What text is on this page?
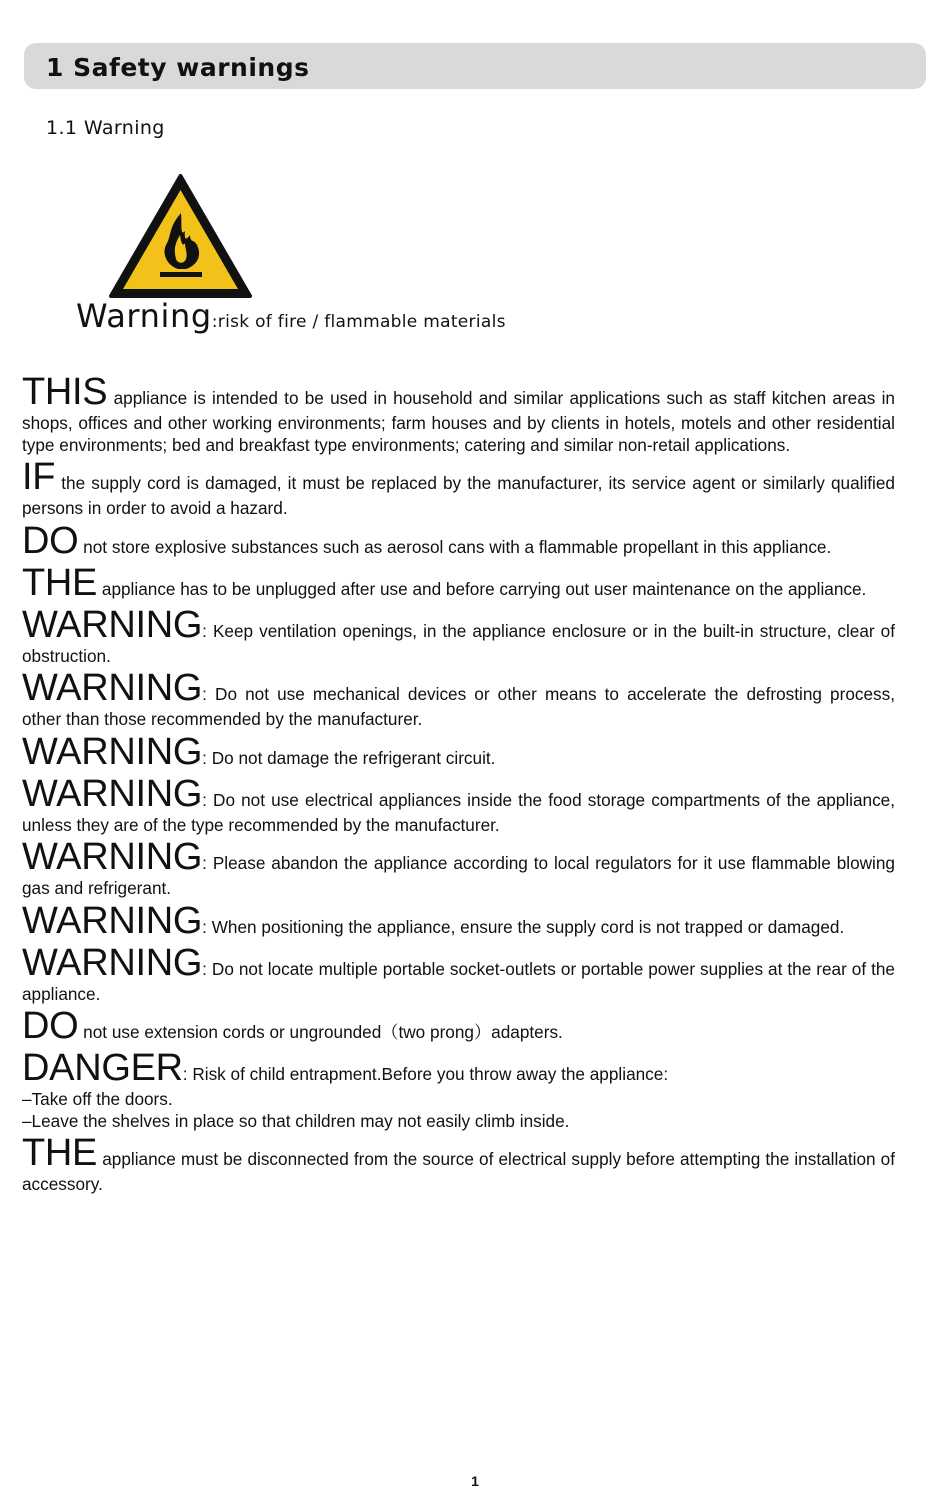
1 Safety warnings
1.1 Warning
Warning:risk of fire / flammable materials

THIS appliance is intended to be used in household and similar applications such as staff kitchen areas in shops, offices and other working environments; farm houses and by clients in hotels, motels and other residential type environments; bed and breakfast type environments; catering and similar non-retail applications.

IF the supply cord is damaged, it must be replaced by the manufacturer, its service agent or similarly qualified persons in order to avoid a hazard.

DO not store explosive substances such as aerosol cans with a flammable propellant in this appliance.

THE appliance has to be unplugged after use and before carrying out user maintenance on the appliance.

WARNING: Keep ventilation openings, in the appliance enclosure or in the built-in structure, clear of obstruction.

WARNING: Do not use mechanical devices or other means to accelerate the defrosting process, other than those recommended by the manufacturer.

WARNING: Do not damage the refrigerant circuit.

WARNING: Do not use electrical appliances inside the food storage compartments of the appliance, unless they are of the type recommended by the manufacturer.

WARNING: Please abandon the appliance according to local regulators for it use flammable blowing gas and refrigerant.

WARNING: When positioning the appliance, ensure the supply cord is not trapped or damaged.

WARNING: Do not locate multiple portable socket-outlets or portable power supplies at the rear of the appliance.

DO not use extension cords or ungrounded（two prong）adapters.

DANGER: Risk of child entrapment.Before you throw away the appliance:

–Take off the doors.

–Leave the shelves in place so that children may not easily climb inside.

THE appliance must be disconnected from the source of electrical supply before attempting the installation of accessory.

1
